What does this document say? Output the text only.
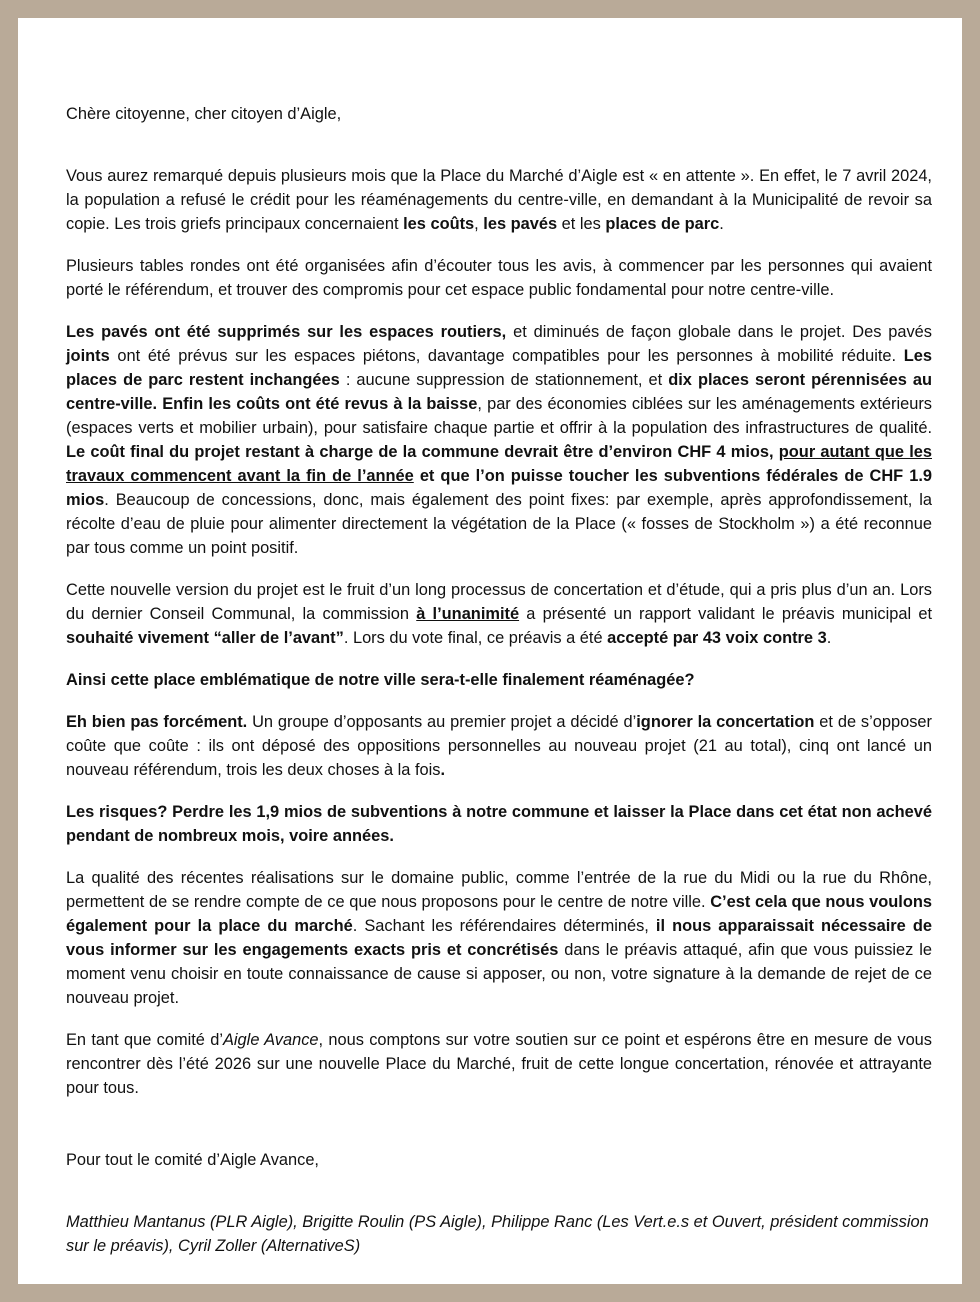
Chère citoyenne, cher citoyen d’Aigle,

Vous aurez remarqué depuis plusieurs mois que la Place du Marché d’Aigle est « en attente ». En effet, le 7 avril 2024, la population a refusé le crédit pour les réaménagements du centre-ville, en demandant à la Municipalité de revoir sa copie. Les trois griefs principaux concernaient les coûts, les pavés et les places de parc.

Plusieurs tables rondes ont été organisées afin d’écouter tous les avis, à commencer par les personnes qui avaient porté le référendum, et trouver des compromis pour cet espace public fondamental pour notre centre-ville.

Les pavés ont été supprimés sur les espaces routiers, et diminués de façon globale dans le projet. Des pavés joints ont été prévus sur les espaces piétons, davantage compatibles pour les personnes à mobilité réduite. Les places de parc restent inchangées : aucune suppression de stationnement, et dix places seront pérennisées au centre-ville. Enfin les coûts ont été revus à la baisse, par des économies ciblées sur les aménagements extérieurs (espaces verts et mobilier urbain), pour satisfaire chaque partie et offrir à la population des infrastructures de qualité. Le coût final du projet restant à charge de la commune devrait être d’environ CHF 4 mios, pour autant que les travaux commencent avant la fin de l’année et que l’on puisse toucher les subventions fédérales de CHF 1.9 mios. Beaucoup de concessions, donc, mais également des point fixes: par exemple, après approfondissement, la récolte d’eau de pluie pour alimenter directement la végétation de la Place (« fosses de Stockholm ») a été reconnue par tous comme un point positif.

Cette nouvelle version du projet est le fruit d’un long processus de concertation et d’étude, qui a pris plus d’un an. Lors du dernier Conseil Communal, la commission à l’unanimité a présenté un rapport validant le préavis municipal et souhaité vivement “aller de l’avant”. Lors du vote final, ce préavis a été accepté par 43 voix contre 3.

Ainsi cette place emblématique de notre ville sera-t-elle finalement réaménagée?

Eh bien pas forcément. Un groupe d’opposants au premier projet a décidé d’ignorer la concertation et de s’opposer coûte que coûte : ils ont déposé des oppositions personnelles au nouveau projet (21 au total), cinq ont lancé un nouveau référendum, trois les deux choses à la fois.

Les risques? Perdre les 1,9 mios de subventions à notre commune et laisser la Place dans cet état non achevé pendant de nombreux mois, voire années.

La qualité des récentes réalisations sur le domaine public, comme l’entrée de la rue du Midi ou la rue du Rhône, permettent de se rendre compte de ce que nous proposons pour le centre de notre ville. C’est cela que nous voulons également pour la place du marché. Sachant les référendaires déterminés, il nous apparaissait nécessaire de vous informer sur les engagements exacts pris et concrétisés dans le préavis attaqué, afin que vous puissiez le moment venu choisir en toute connaissance de cause si apposer, ou non, votre signature à la demande de rejet de ce nouveau projet.

En tant que comité d’Aigle Avance, nous comptons sur votre soutien sur ce point et espérons être en mesure de vous rencontrer dès l’été 2026 sur une nouvelle Place du Marché, fruit de cette longue concertation, rénovée et attrayante pour tous.

Pour tout le comité d’Aigle Avance,

Matthieu Mantanus (PLR Aigle), Brigitte Roulin (PS Aigle), Philippe Ranc (Les Vert.e.s et Ouvert, président commission sur le préavis), Cyril Zoller (AlternativeS)
